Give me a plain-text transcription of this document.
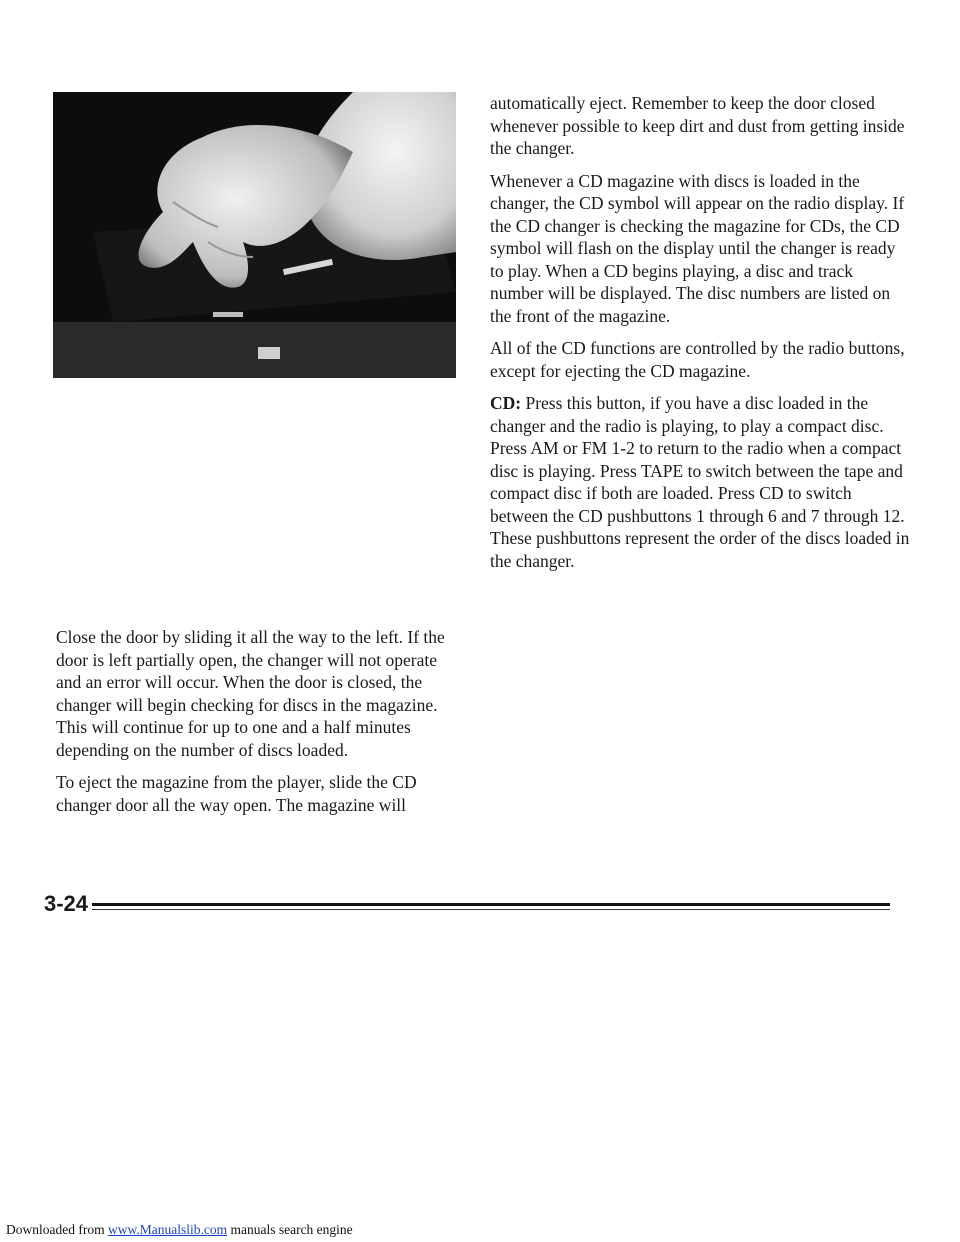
Close the door by sliding it all the way to the left. If the door is left partially open, the changer will not operate and an error will occur. When the door is closed, the changer will begin checking for discs in the magazine. This will continue for up to one and a half minutes depending on the number of discs loaded.

To eject the magazine from the player, slide the CD changer door all the way open. The magazine will

automatically eject. Remember to keep the door closed whenever possible to keep dirt and dust from getting inside the changer.

Whenever a CD magazine with discs is loaded in the changer, the CD symbol will appear on the radio display. If the CD changer is checking the magazine for CDs, the CD symbol will flash on the display until the changer is ready to play. When a CD begins playing, a disc and track number will be displayed. The disc numbers are listed on the front of the magazine.

All of the CD functions are controlled by the radio buttons, except for ejecting the CD magazine.

CD: Press this button, if you have a disc loaded in the changer and the radio is playing, to play a compact disc. Press AM or FM 1-2 to return to the radio when a compact disc is playing. Press TAPE to switch between the tape and compact disc if both are loaded. Press CD to switch between the CD pushbuttons 1 through 6 and 7 through 12. These pushbuttons represent the order of the discs loaded in the changer.

3-24
Downloaded from www.Manualslib.com manuals search engine
